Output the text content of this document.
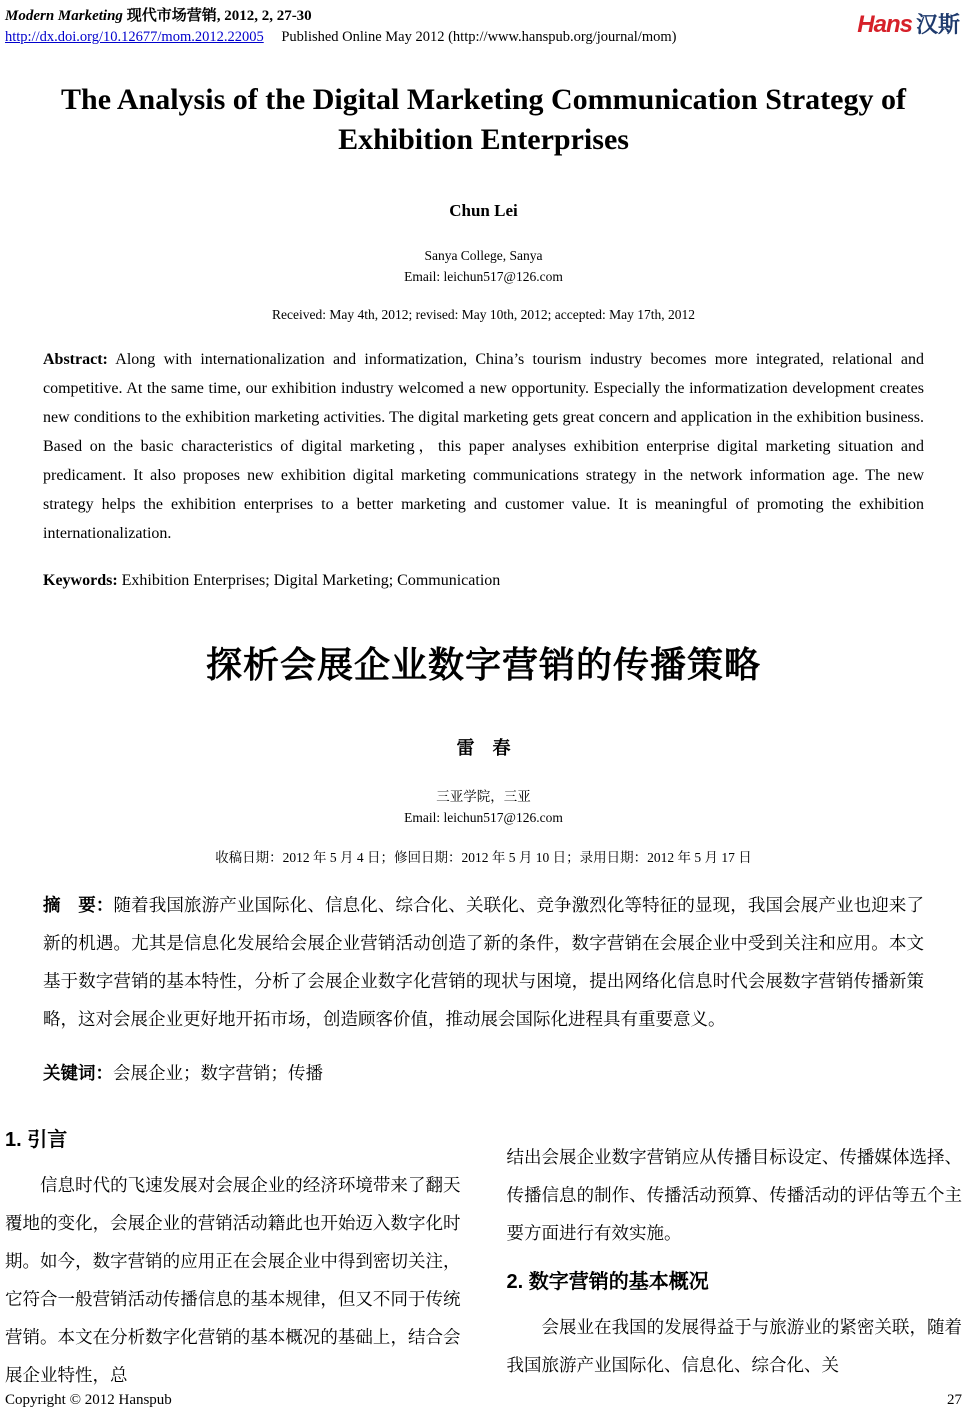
Modern Marketing 现代市场营销, 2012, 2, 27-30
http://dx.doi.org/10.12677/mom.2012.22005 Published Online May 2012 (http://www.hanspub.org/journal/mom)	Hans 汉斯
The Analysis of the Digital Marketing Communication Strategy of Exhibition Enterprises
Chun Lei
Sanya College, Sanya
Email: leichun517@126.com
Received: May 4th, 2012; revised: May 10th, 2012; accepted: May 17th, 2012

Abstract: Along with internationalization and informatization, China’s tourism industry becomes more integrated, relational and competitive. At the same time, our exhibition industry welcomed a new opportunity. Especially the informatization development creates new conditions to the exhibition marketing activities. The digital marketing gets great concern and application in the exhibition business. Based on the basic characteristics of digital marketing，this paper analyses exhibition enterprise digital marketing situation and predicament. It also proposes new exhibition digital marketing communications strategy in the network information age. The new strategy helps the exhibition enterprises to a better marketing and customer value. It is meaningful of promoting the exhibition internationalization.

Keywords: Exhibition Enterprises; Digital Marketing; Communication

探析会展企业数字营销的传播策略
雷　春
三亚学院，三亚
Email: leichun517@126.com
收稿日期：2012 年 5 月 4 日；修回日期：2012 年 5 月 10 日；录用日期：2012 年 5 月 17 日

摘　要：随着我国旅游产业国际化、信息化、综合化、关联化、竞争激烈化等特征的显现，我国会展产业也迎来了新的机遇。尤其是信息化发展给会展企业营销活动创造了新的条件，数字营销在会展企业中受到关注和应用。本文基于数字营销的基本特性，分析了会展企业数字化营销的现状与困境，提出网络化信息时代会展数字营销传播新策略，这对会展企业更好地开拓市场，创造顾客价值，推动展会国际化进程具有重要意义。

关键词：会展企业；数字营销；传播

1. 引言

信息时代的飞速发展对会展企业的经济环境带来了翻天覆地的变化，会展企业的营销活动籍此也开始迈入数字化时期。如今，数字营销的应用正在会展企业中得到密切关注，它符合一般营销活动传播信息的基本规律，但又不同于传统营销。本文在分析数字化营销的基本概况的基础上，结合会展企业特性，总

结出会展企业数字营销应从传播目标设定、传播媒体选择、传播信息的制作、传播活动预算、传播活动的评估等五个主要方面进行有效实施。

2. 数字营销的基本概况

会展业在我国的发展得益于与旅游业的紧密关联，随着我国旅游产业国际化、信息化、综合化、关

Copyright © 2012 Hanspub	27
